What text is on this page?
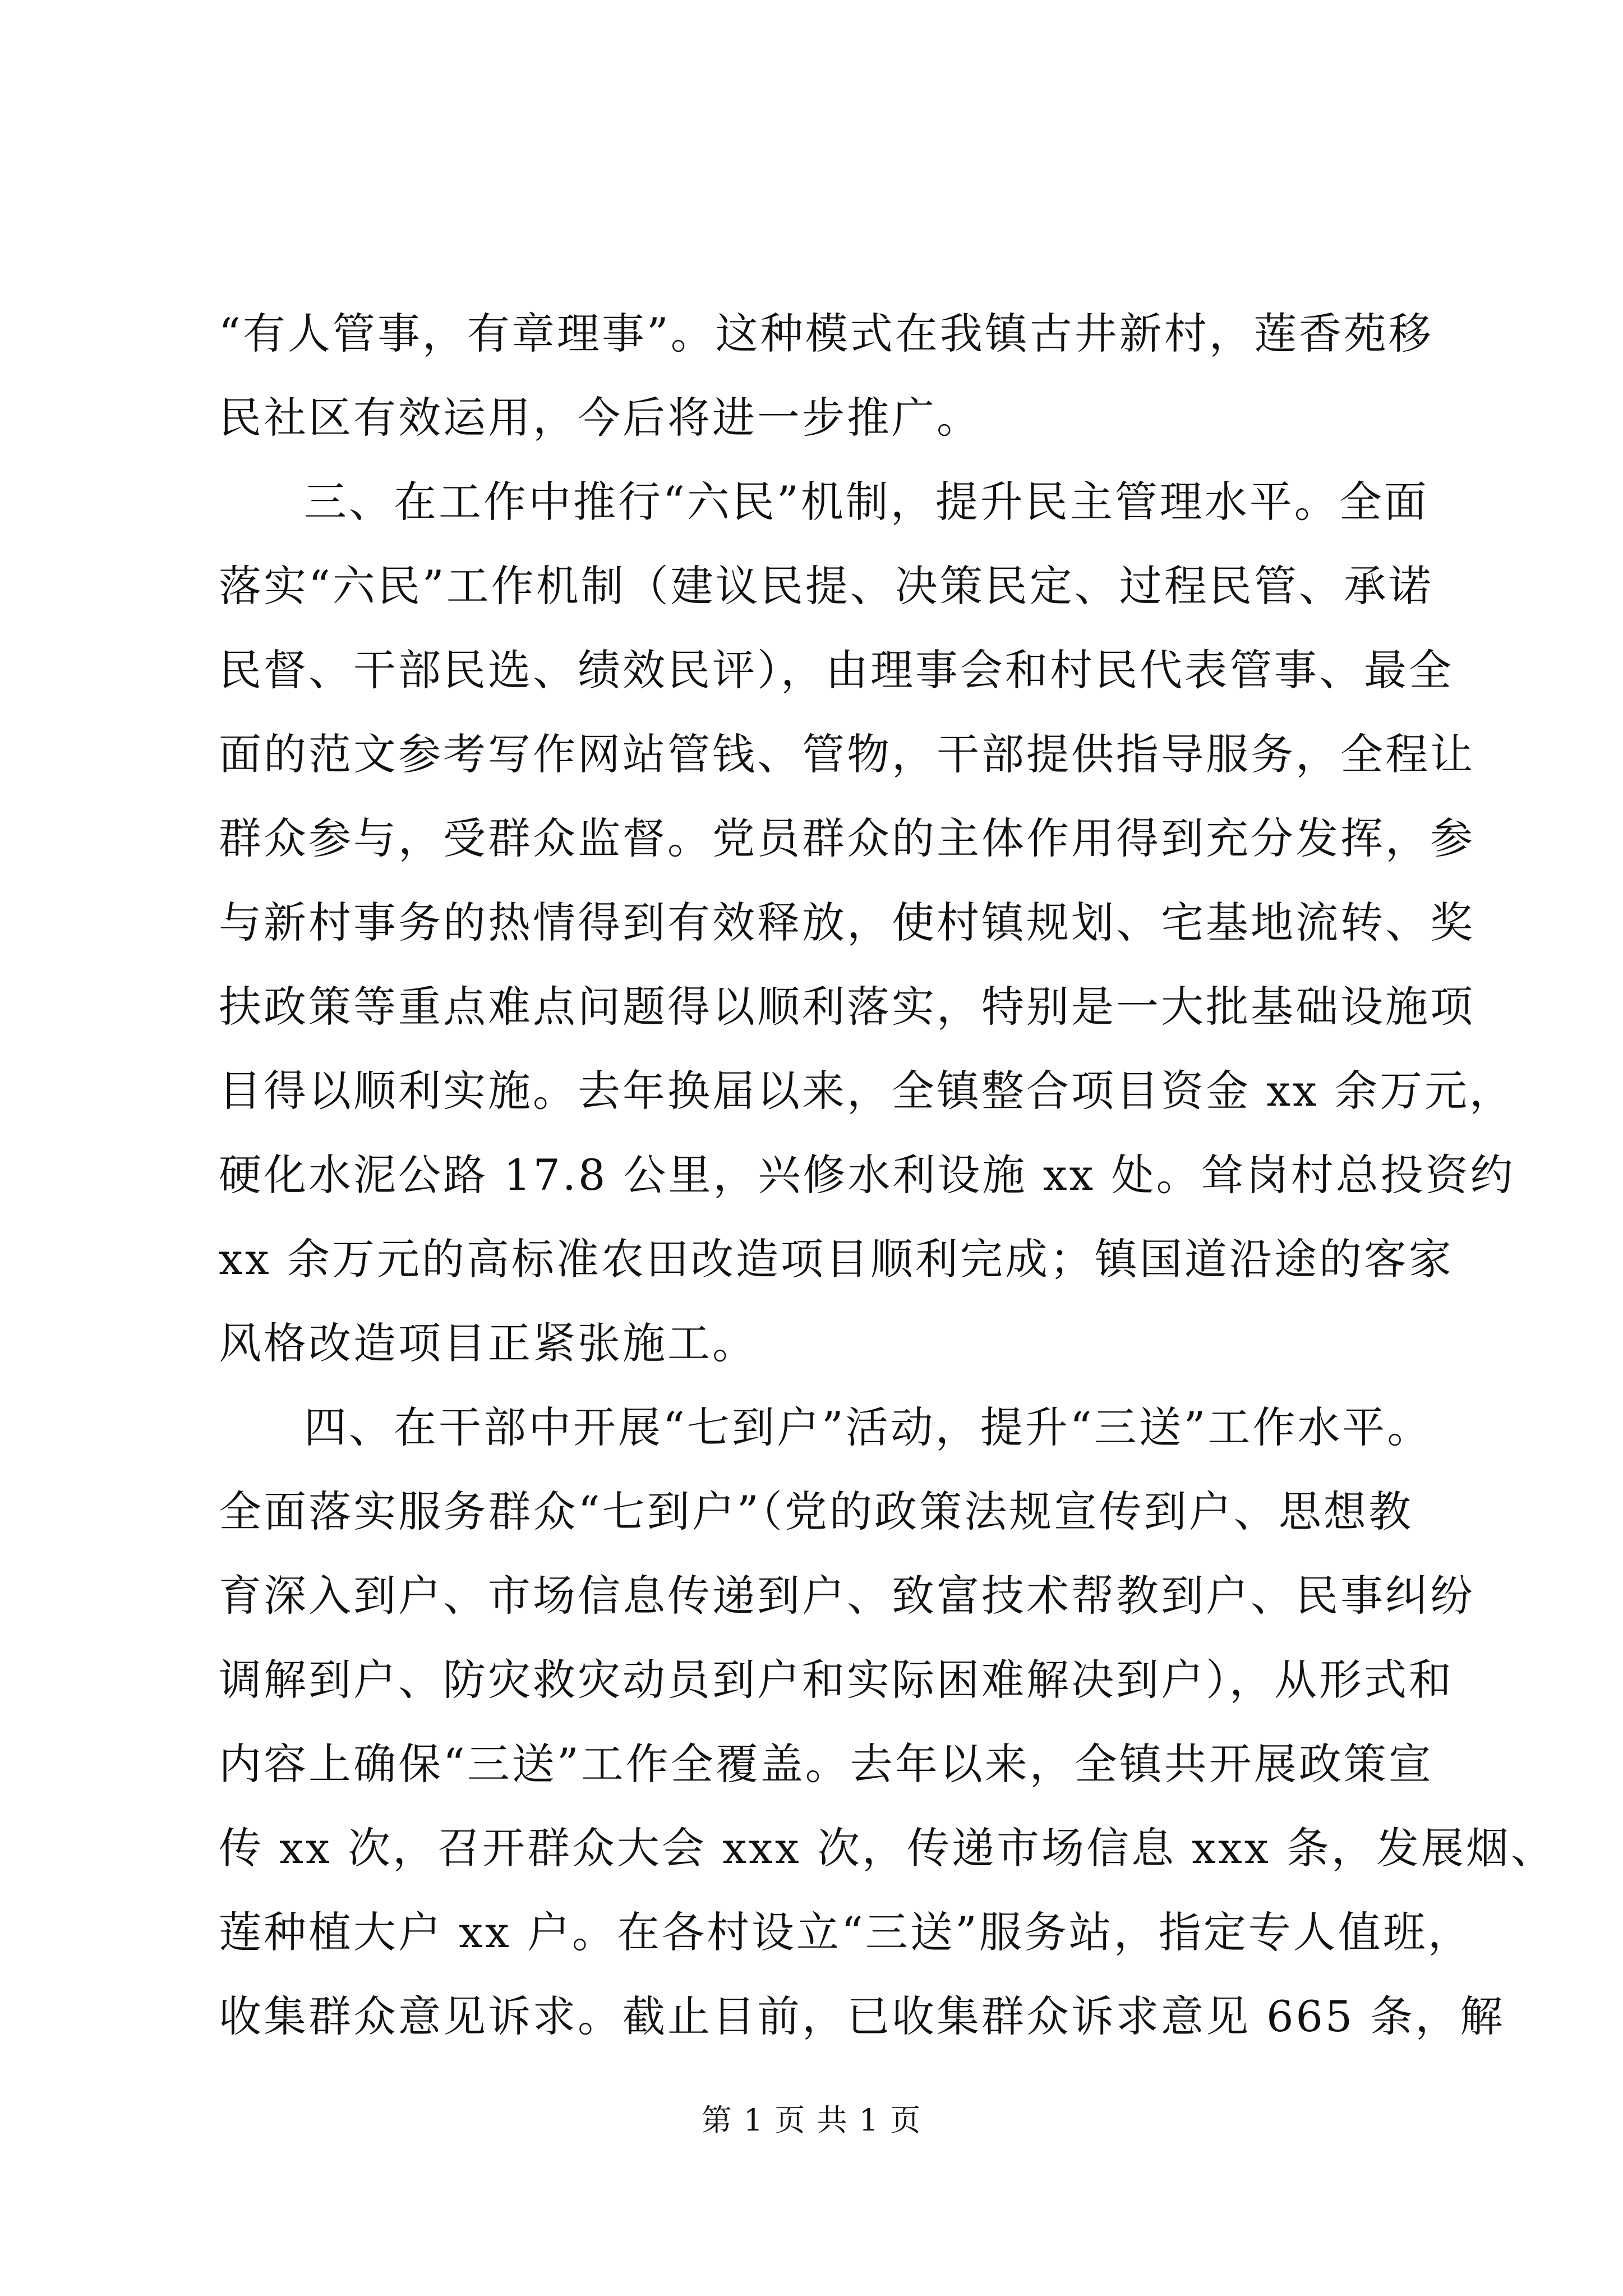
“有人管事，有章理事”。这种模式在我镇古井新村，莲香苑移
民社区有效运用，今后将进一步推广。
三、在工作中推行“六民”机制，提升民主管理水平。全面
落实“六民”工作机制（建议民提、决策民定、过程民管、承诺
民督、干部民选、绩效民评），由理事会和村民代表管事、最全
面的范文参考写作网站管钱、管物，干部提供指导服务，全程让
群众参与，受群众监督。党员群众的主体作用得到充分发挥，参
与新村事务的热情得到有效释放，使村镇规划、宅基地流转、奖
扶政策等重点难点问题得以顺利落实，特别是一大批基础设施项
目得以顺利实施。去年换届以来，全镇整合项目资金 xx 余万元，
硬化水泥公路 17.8 公里，兴修水利设施 xx 处。耸岗村总投资约
xx 余万元的高标准农田改造项目顺利完成；镇国道沿途的客家
风格改造项目正紧张施工。
四、在干部中开展“七到户”活动，提升“三送”工作水平。
全面落实服务群众“七到户”（党的政策法规宣传到户、思想教
育深入到户、市场信息传递到户、致富技术帮教到户、民事纠纷
调解到户、防灾救灾动员到户和实际困难解决到户），从形式和
内容上确保“三送”工作全覆盖。去年以来，全镇共开展政策宣
传 xx 次，召开群众大会 xxx 次，传递市场信息 xxx 条，发展烟、
莲种植大户 xx 户。在各村设立“三送”服务站，指定专人值班，
收集群众意见诉求。截止目前，已收集群众诉求意见 665 条，解
第 1 页 共 1 页
